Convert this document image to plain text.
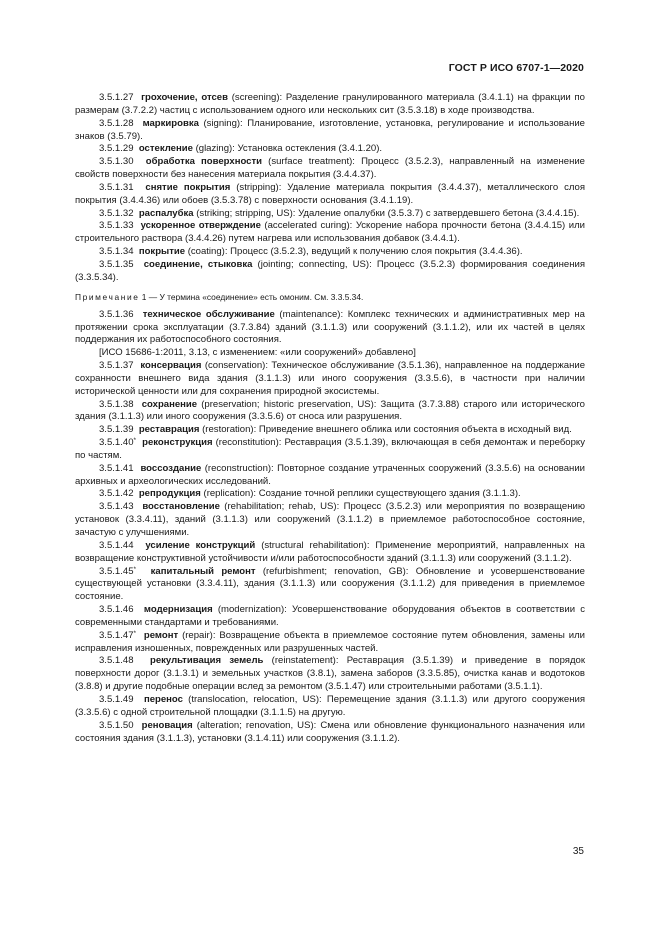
ГОСТ Р ИСО 6707-1—2020

3.5.1.27 грохочение, отсев (screening): Разделение гранулированного материала (3.4.1.1) на фракции по размерам (3.7.2.2) частиц с использованием одного или нескольких сит (3.5.3.18) в ходе производства.

3.5.1.28 маркировка (signing): Планирование, изготовление, установка, регулирование и использование знаков (3.5.79).

3.5.1.29 остекление (glazing): Установка остекления (3.4.1.20).

3.5.1.30 обработка поверхности (surface treatment): Процесс (3.5.2.3), направленный на изменение свойств поверхности без нанесения материала покрытия (3.4.4.37).

3.5.1.31 снятие покрытия (stripping): Удаление материала покрытия (3.4.4.37), металлического слоя покрытия (3.4.4.36) или обоев (3.5.3.78) с поверхности основания (3.4.1.19).

3.5.1.32 распалубка (striking; stripping, US): Удаление опалубки (3.5.3.7) с затвердевшего бетона (3.4.4.15).

3.5.1.33 ускоренное отверждение (accelerated curing): Ускорение набора прочности бетона (3.4.4.15) или строительного раствора (3.4.4.26) путем нагрева или использования добавок (3.4.4.1).

3.5.1.34 покрытие (coating): Процесс (3.5.2.3), ведущий к получению слоя покрытия (3.4.4.36).

3.5.1.35 соединение, стыковка (jointing; connecting, US): Процесс (3.5.2.3) формирования соединения (3.3.5.34).

Примечание 1 — У термина «соединение» есть омоним. См. 3.3.5.34.

3.5.1.36 техническое обслуживание (maintenance): Комплекс технических и административных мер на протяжении срока эксплуатации (3.7.3.84) зданий (3.1.1.3) или сооружений (3.1.1.2), или их частей в целях поддержания их работоспособного состояния.

[ИСО 15686-1:2011, 3.13, с изменением: «или сооружений» добавлено]

3.5.1.37 консервация (conservation): Техническое обслуживание (3.5.1.36), направленное на поддержание сохранности внешнего вида здания (3.1.1.3) или иного сооружения (3.3.5.6), в частности при наличии исторической ценности или для сохранения природной экосистемы.

3.5.1.38 сохранение (preservation; historic preservation, US): Защита (3.7.3.88) старого или исторического здания (3.1.1.3) или иного сооружения (3.3.5.6) от сноса или разрушения.

3.5.1.39 реставрация (restoration): Приведение внешнего облика или состояния объекта в исходный вид.

3.5.1.40* реконструкция (reconstitution): Реставрация (3.5.1.39), включающая в себя демонтаж и переборку по частям.

3.5.1.41 воссоздание (reconstruction): Повторное создание утраченных сооружений (3.3.5.6) на основании архивных и археологических исследований.

3.5.1.42 репродукция (replication): Создание точной реплики существующего здания (3.1.1.3).

3.5.1.43 восстановление (rehabilitation; rehab, US): Процесс (3.5.2.3) или мероприятия по возвращению установок (3.3.4.11), зданий (3.1.1.3) или сооружений (3.1.1.2) в приемлемое работоспособное состояние, зачастую с улучшениями.

3.5.1.44 усиление конструкций (structural rehabilitation): Применение мероприятий, направленных на возвращение конструктивной устойчивости и/или работоспособности зданий (3.1.1.3) или сооружений (3.1.1.2).

3.5.1.45* капитальный ремонт (refurbishment; renovation, GB): Обновление и усовершенствование существующей установки (3.3.4.11), здания (3.1.1.3) или сооружения (3.1.1.2) для приведения в приемлемое состояние.

3.5.1.46 модернизация (modernization): Усовершенствование оборудования объектов в соответствии с современными стандартами и требованиями.

3.5.1.47* ремонт (repair): Возвращение объекта в приемлемое состояние путем обновления, замены или исправления изношенных, поврежденных или разрушенных частей.

3.5.1.48 рекультивация земель (reinstatement): Реставрация (3.5.1.39) и приведение в порядок поверхности дорог (3.1.3.1) и земельных участков (3.8.1), замена заборов (3.3.5.85), очистка канав и водотоков (3.8.8) и другие подобные операции вслед за ремонтом (3.5.1.47) или строительными работами (3.5.1.1).

3.5.1.49 перенос (translocation, relocation, US): Перемещение здания (3.1.1.3) или другого сооружения (3.3.5.6) с одной строительной площадки (3.1.1.5) на другую.

3.5.1.50 реновация (alteration; renovation, US): Смена или обновление функционального назначения или состояния здания (3.1.1.3), установки (3.1.4.11) или сооружения (3.1.1.2).

35
